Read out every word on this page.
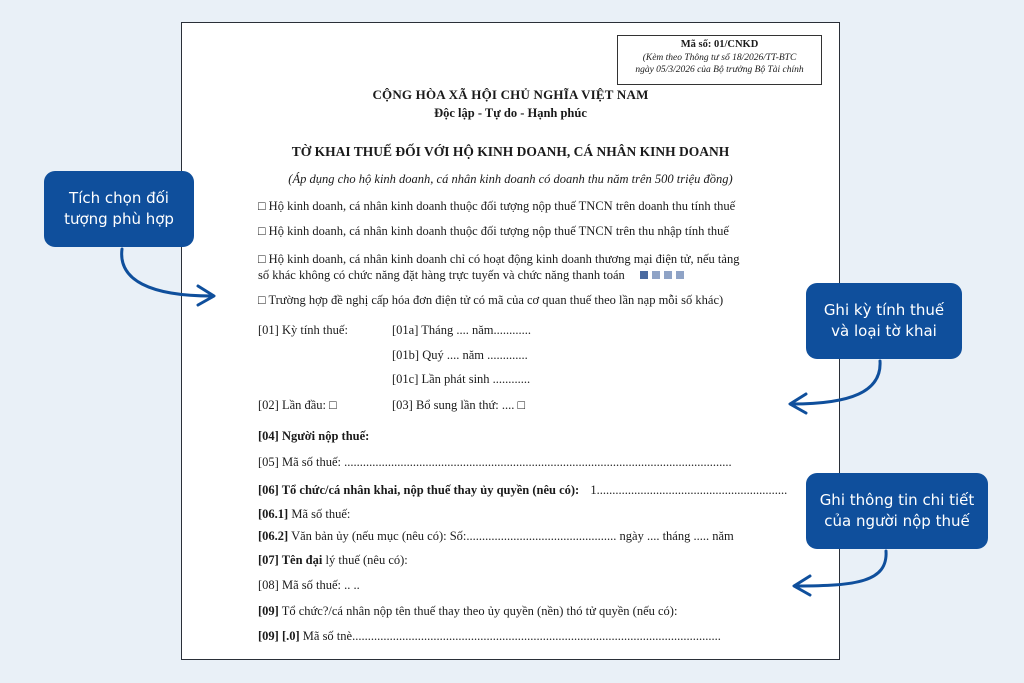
Mã số: 01/CNKD
(Kèm theo Thông tư số 18/2026/TT-BTC
ngày 05/3/2026 của Bộ trưởng Bộ Tài chính
CỘNG HÒA XÃ HỘI CHỦ NGHĨA VIỆT NAM
Độc lập - Tự do - Hạnh phúc
TỜ KHAI THUẾ ĐỐI VỚI HỘ KINH DOANH, CÁ NHÂN KINH DOANH
(Áp dụng cho hộ kinh doanh, cá nhân kinh doanh có doanh thu năm trên 500 triệu đồng)
□ Hộ kinh doanh, cá nhân kinh doanh thuộc đối tượng nộp thuế TNCN trên doanh thu tính thuế
□ Hộ kinh doanh, cá nhân kinh doanh thuộc đối tượng nộp thuế TNCN trên thu nhập tính thuế
□ Hộ kinh doanh, cá nhân kinh doanh chỉ có hoạt động kinh doanh thương mại điện tử, nếu tảng
số khác không có chức năng đặt hàng trực tuyến và chức năng thanh toán
□ Trường hợp đề nghị cấp hóa đơn điện tử có mã của cơ quan thuế theo lần nạp mỗi số khác)
[01] Kỳ tính thuế:	[01a] Tháng .... năm............
[01b] Quý .... năm .............
[01c] Lần phát sinh ............
[02] Lần đầu: □	[03] Bổ sung lần thứ: .... □
[04] Người nộp thuế:
[05] Mã số thuế: ............................................................................................................................
[06] Tổ chức/cá nhân khai, nộp thuế thay ủy quyền (nêu có): 1.............................................................
[06.1] Mã số thuế:
[06.2] Văn bản ủy (nếu mục (nêu có): Số:................................................ ngày .... tháng ..... năm
[07] Tên đại lý thuế (nêu có):
[08] Mã số thuế: .. ..
[09] Tổ chức?/cá nhân nộp tên thuế thay theo ủy quyền (nền) thó tử quyền (nếu có):
[09] [.0] Mã số tnè......................................................................................................................
Tích chọn đối
tượng phù hợp
Ghi kỳ tính thuế
và loại tờ khai
Ghi thông tin chi tiết
của người nộp thuế
